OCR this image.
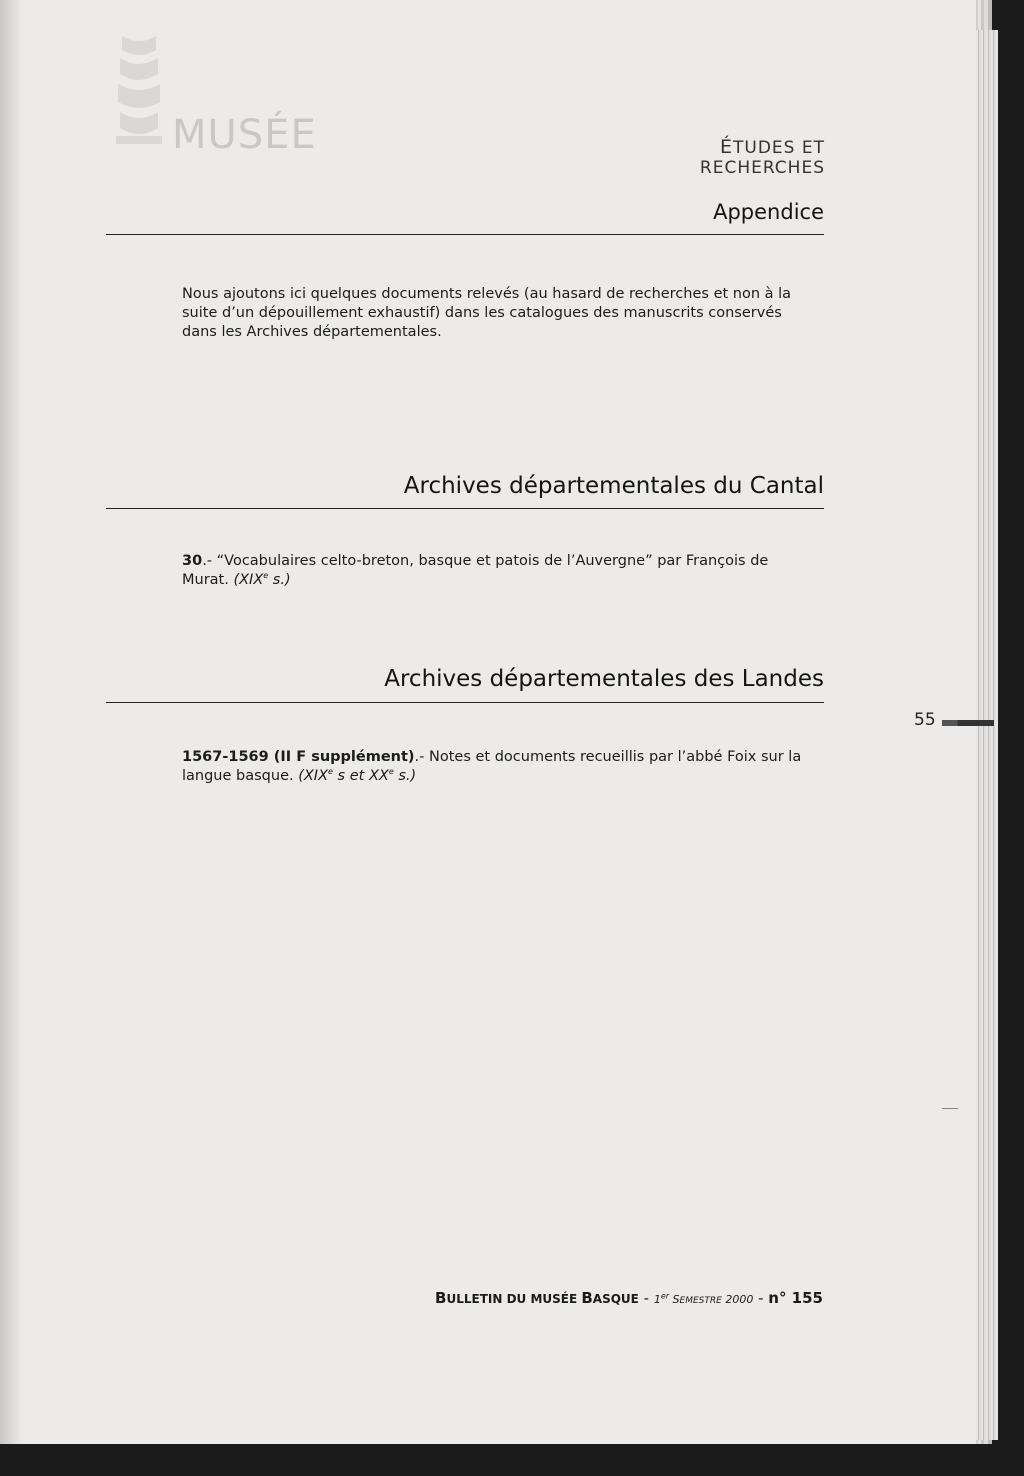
MUSÉE	ÉTUDES ET RECHERCHES
Appendice

Nous ajoutons ici quelques documents relevés (au hasard de recherches et non à la suite d’un dépouillement exhaustif) dans les catalogues des manuscrits conservés dans les Archives départementales.

Archives départementales du Cantal

30.- “Vocabulaires celto-breton, basque et patois de l’Auvergne” par François de Murat. (XIXe s.)

Archives départementales des Landes

1567-1569 (II F supplément).- Notes et documents recueillis par l’abbé Foix sur la langue basque. (XIXe s et XXe s.)

55
BULLETIN DU MUSÉE BASQUE - 1er SEMESTRE 2000 - n° 155
